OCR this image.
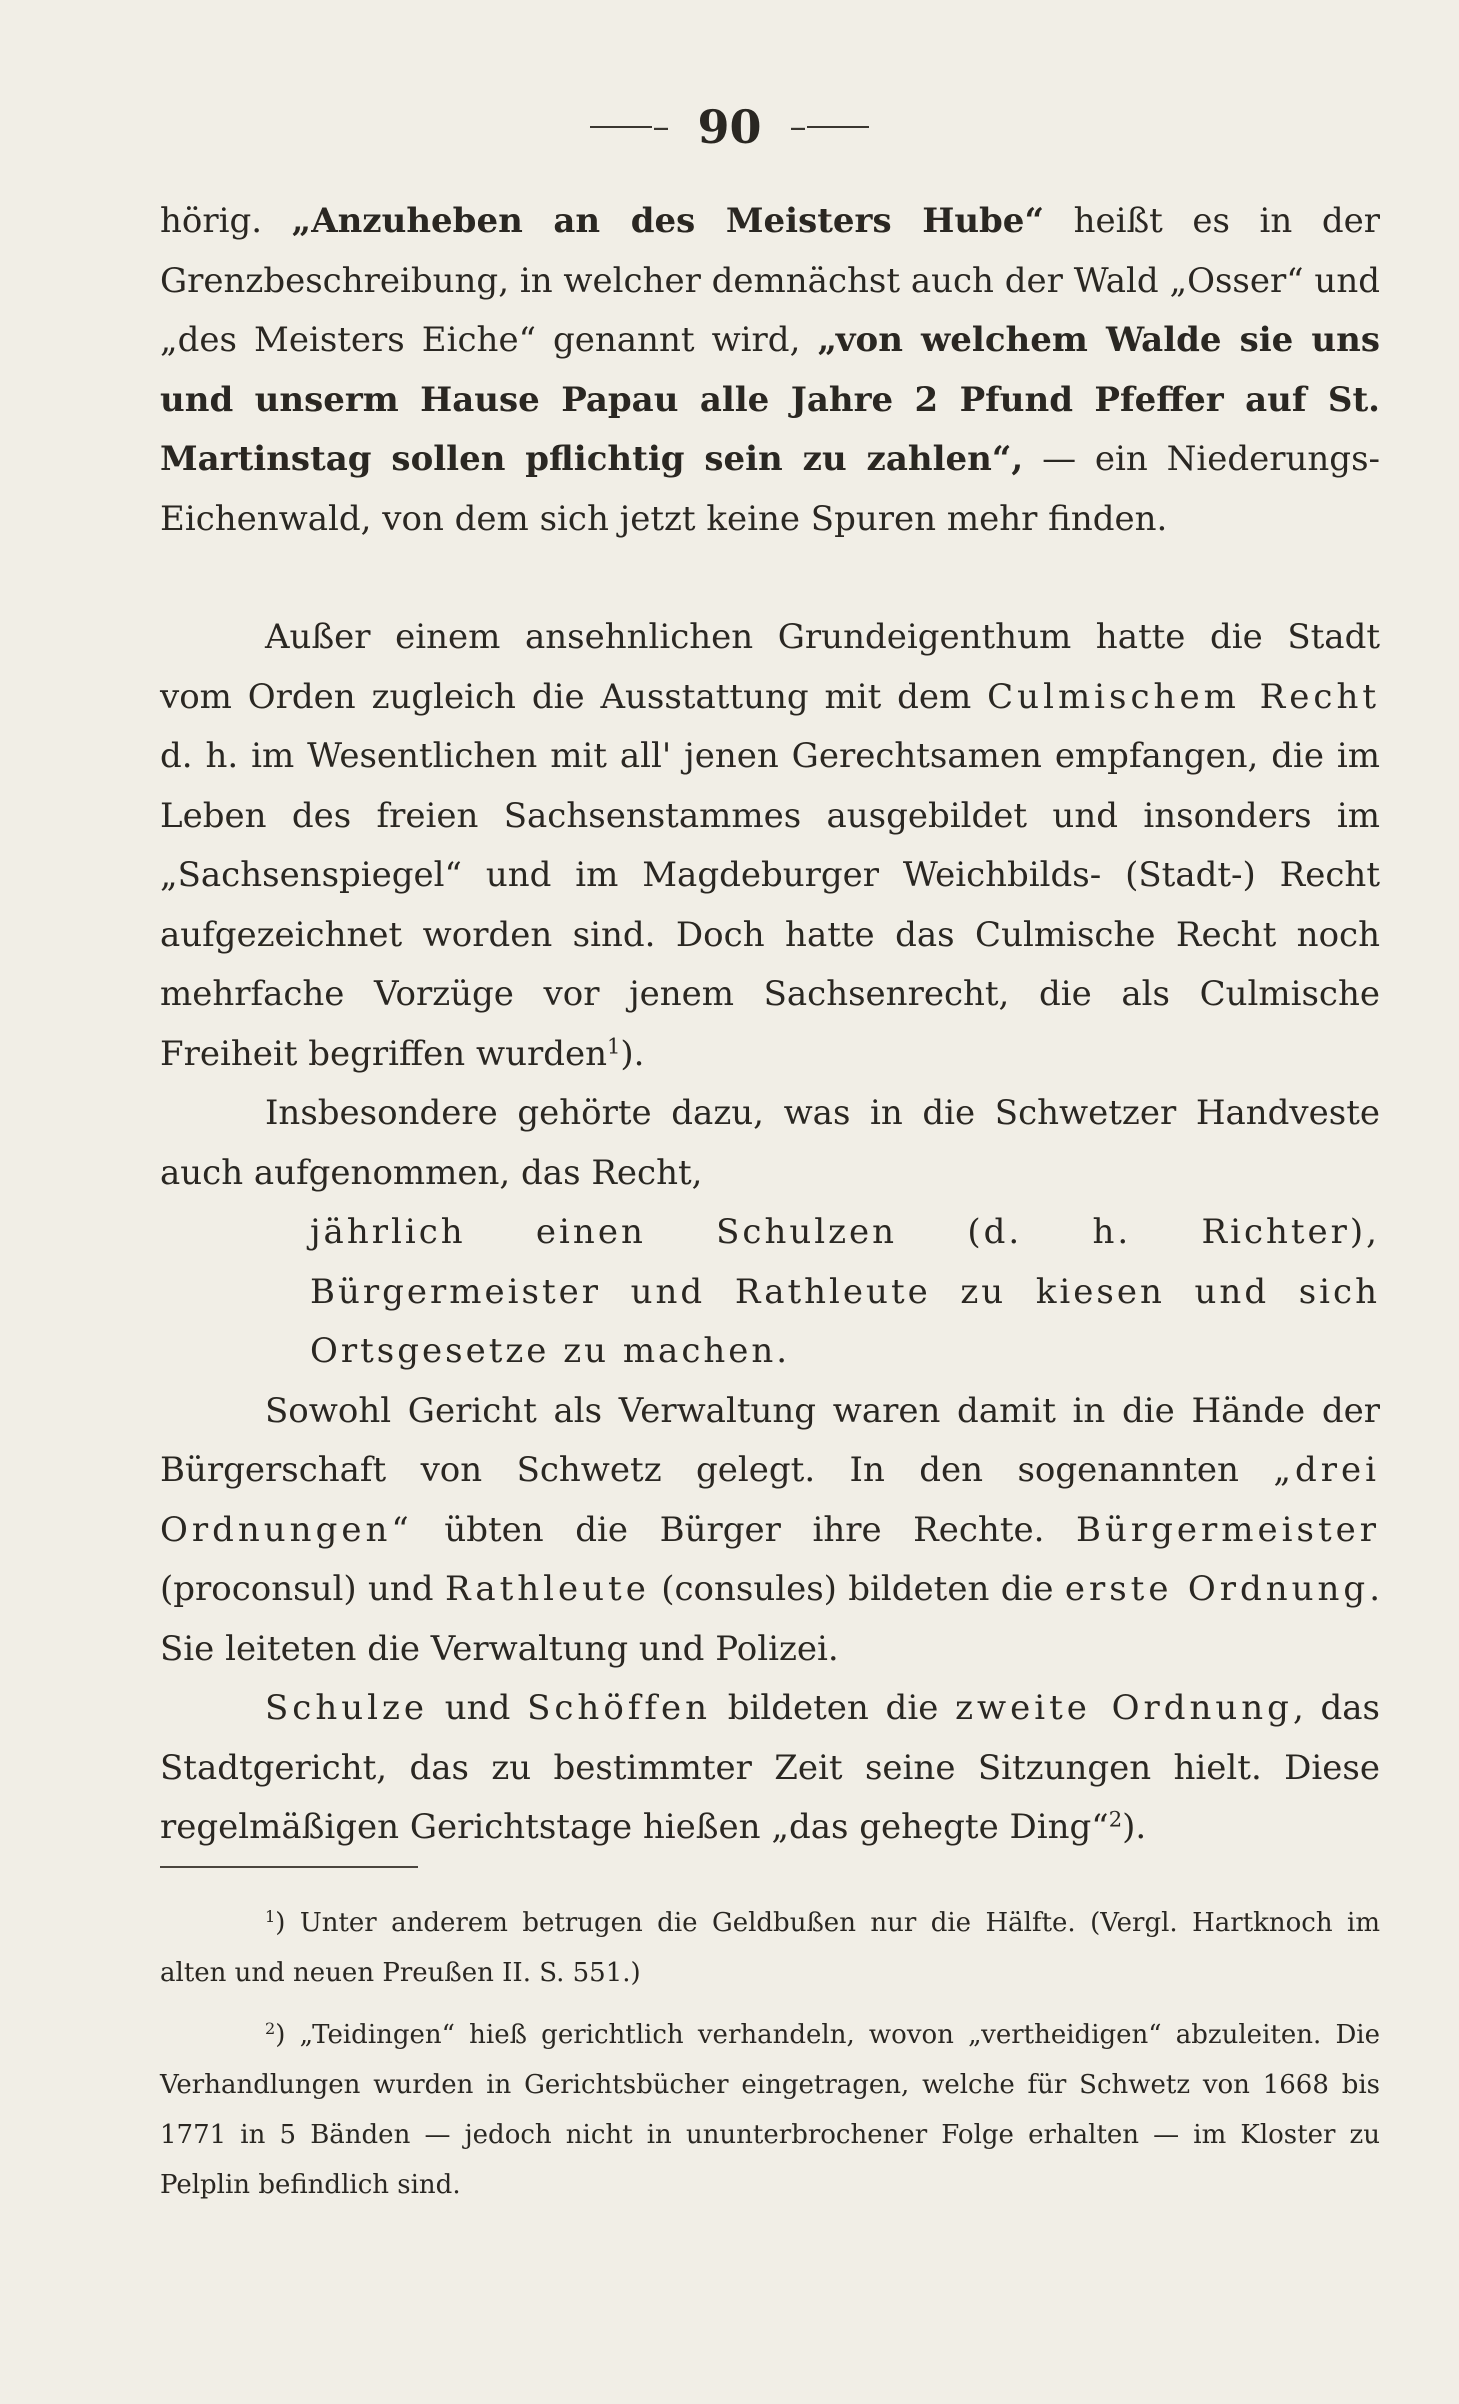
– 90 –

hörig. „Anzuheben an des Meisters Hube“ heißt es in der Grenzbeschreibung, in welcher demnächst auch der Wald „Osser“ und „des Meisters Eiche“ genannt wird, „von welchem Walde sie uns und unserm Hause Papau alle Jahre 2 Pfund Pfeffer auf St. Martinstag sollen pflichtig sein zu zahlen“, — ein Niederungs-Eichenwald, von dem sich jetzt keine Spuren mehr finden.

Außer einem ansehnlichen Grundeigenthum hatte die Stadt vom Orden zugleich die Ausstattung mit dem Culmischem Recht d. h. im Wesentlichen mit all' jenen Gerechtsamen empfangen, die im Leben des freien Sachsenstammes ausgebildet und insonders im „Sachsenspiegel“ und im Magdeburger Weichbilds- (Stadt-) Recht aufgezeichnet worden sind. Doch hatte das Culmische Recht noch mehrfache Vorzüge vor jenem Sachsenrecht, die als Culmische Freiheit begriffen wurden$^1$).

Insbesondere gehörte dazu, was in die Schwetzer Handveste auch aufgenommen, das Recht,

jährlich einen Schulzen (d. h. Richter), Bürgermeister und Rathleute zu kiesen und sich Ortsgesetze zu machen.

Sowohl Gericht als Verwaltung waren damit in die Hände der Bürgerschaft von Schwetz gelegt. In den sogenannten „drei Ordnungen“ übten die Bürger ihre Rechte. Bürgermeister (proconsul) und Rathleute (consules) bildeten die erste Ordnung. Sie leiteten die Verwaltung und Polizei.

Schulze und Schöffen bildeten die zweite Ordnung, das Stadtgericht, das zu bestimmter Zeit seine Sitzungen hielt. Diese regelmäßigen Gerichtstage hießen „das gehegte Ding“$^2$).

$^1$) Unter anderem betrugen die Geldbußen nur die Hälfte. (Vergl. Hartknoch im alten und neuen Preußen II. S. 551.)

$^2$) „Teidingen“ hieß gerichtlich verhandeln, wovon „vertheidigen“ abzuleiten. Die Verhandlungen wurden in Gerichtsbücher eingetragen, welche für Schwetz von 1668 bis 1771 in 5 Bänden — jedoch nicht in ununterbrochener Folge erhalten — im Kloster zu Pelplin befindlich sind.
